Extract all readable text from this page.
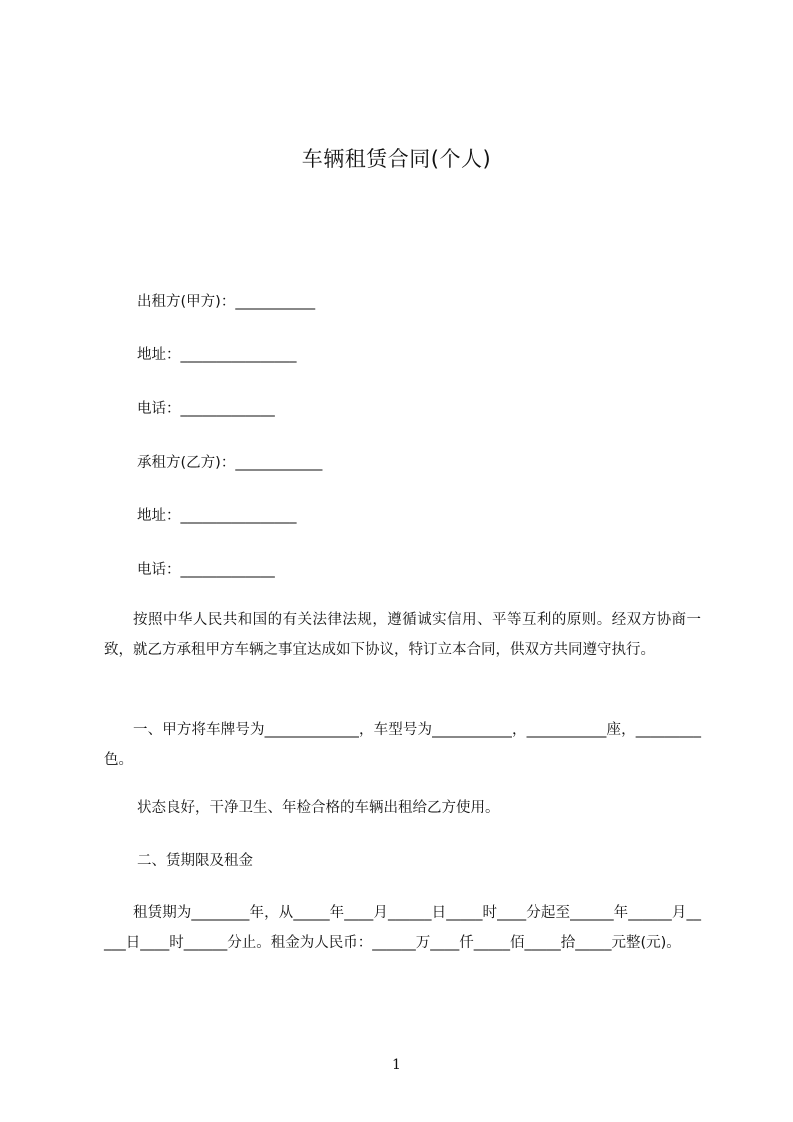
车辆租赁合同(个人)
出租方(甲方)：___________
地址：________________
电话：_____________
承租方(乙方)：____________
地址：________________
电话：_____________
按照中华人民共和国的有关法律法规，遵循诚实信用、平等互利的原则。经双方协商一致，就乙方承租甲方车辆之事宜达成如下协议，特订立本合同，供双方共同遵守执行。
一、甲方将车牌号为_____________，车型号为___________，___________座，_________色。
状态良好，干净卫生、年检合格的车辆出租给乙方使用。
二、赁期限及租金
租赁期为________年，从_____年____月______日_____时____分起至______年______月_____日____时______分止。租金为人民币：______万____仟_____佰_____拾_____元整(元)。
1
